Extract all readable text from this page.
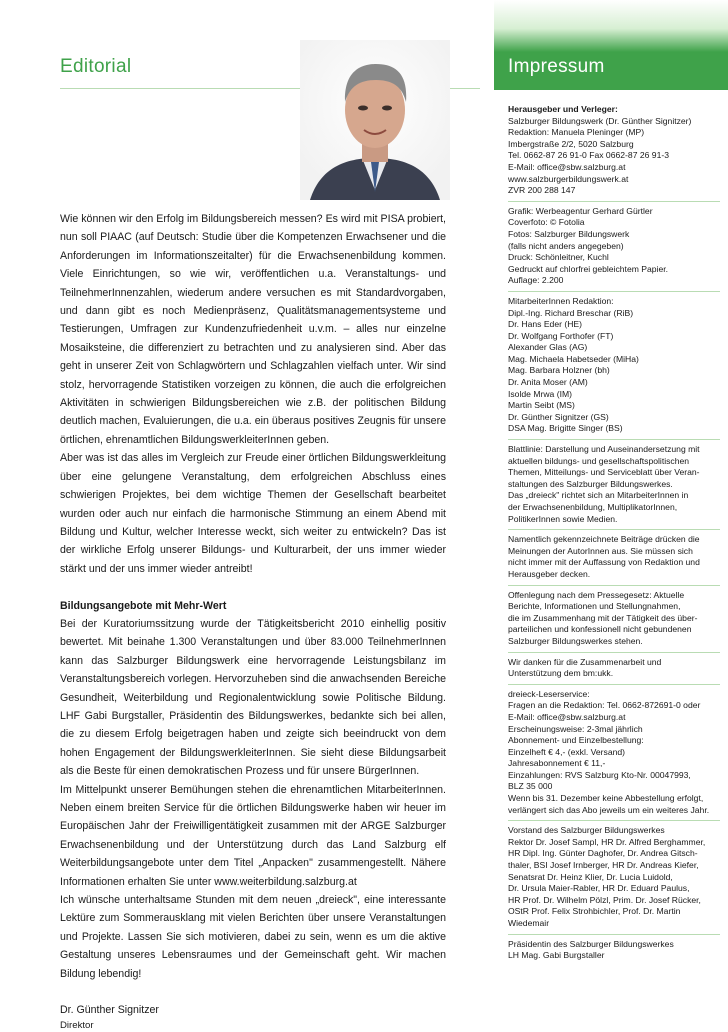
Impressum
Editorial

Wie können wir den Erfolg im Bildungsbereich messen? Es wird mit PISA probiert, nun soll PIAAC (auf Deutsch: Studie über die Kompetenzen Erwachsener und die Anforderungen im Informationszeitalter) für die Erwachsenenbildung kommen. Viele Einrichtungen, so wie wir, veröffentlichen u.a. Veranstaltungs- und TeilnehmerInnenzahlen, wiederum andere versuchen es mit Standardvorgaben, und dann gibt es noch Medienpräsenz, Qualitätsmanagementsysteme und Testierungen, Umfragen zur Kundenzufriedenheit u.v.m. – alles nur einzelne Mosaiksteine, die differenziert zu betrachten und zu analysieren sind. Aber das geht in unserer Zeit von Schlagwörtern und Schlagzahlen vielfach unter. Wir sind stolz, hervorragende Statistiken vorzeigen zu können, die auch die erfolgreichen Aktivitäten in schwierigen Bildungsbereichen wie z.B. der politischen Bildung deutlich machen, Evaluierungen, die u.a. ein überaus positives Zeugnis für unsere örtlichen, ehrenamtlichen BildungswerkleiterInnen geben.

Aber was ist das alles im Vergleich zur Freude einer örtlichen Bildungswerkleitung über eine gelungene Veranstaltung, dem erfolgreichen Abschluss eines schwierigen Projektes, bei dem wichtige Themen der Gesellschaft bearbeitet wurden oder auch nur einfach die harmonische Stimmung an einem Abend mit Bildung und Kultur, welcher Interesse weckt, sich weiter zu entwickeln? Das ist der wirkliche Erfolg unserer Bildungs- und Kulturarbeit, der uns immer wieder stärkt und der uns immer wieder antreibt!

Bildungsangebote mit Mehr-Wert

Bei der Kuratoriumssitzung wurde der Tätigkeitsbericht 2010 einhellig positiv bewertet. Mit beinahe 1.300 Veranstaltungen und über 83.000 TeilnehmerInnen kann das Salzburger Bildungswerk eine hervorragende Leistungsbilanz im Veranstaltungsbereich vorlegen. Hervorzuheben sind die anwachsenden Bereiche Gesundheit, Weiterbildung und Regionalentwicklung sowie Politische Bildung. LHF Gabi Burgstaller, Präsidentin des Bildungswerkes, bedankte sich bei allen, die zu diesem Erfolg beigetragen haben und zeigte sich beeindruckt von dem hohen Engagement der BildungswerkleiterInnen. Sie sieht diese Bildungsarbeit als die Beste für einen demokratischen Prozess und für unsere BürgerInnen.

Im Mittelpunkt unserer Bemühungen stehen die ehrenamtlichen MitarbeiterInnen. Neben einem breiten Service für die örtlichen Bildungswerke haben wir heuer im Europäischen Jahr der Freiwilligentätigkeit zusammen mit der ARGE Salzburger Erwachsenenbildung und der Unterstützung durch das Land Salzburg elf Weiterbildungsangebote unter dem Titel „Anpacken" zusammengestellt. Nähere Informationen erhalten Sie unter www.weiterbildung.salzburg.at

Ich wünsche unterhaltsame Stunden mit dem neuen „dreieck", eine interessante Lektüre zum Sommerausklang mit vielen Berichten über unsere Veranstaltungen und Projekte. Lassen Sie sich motivieren, dabei zu sein, wenn es um die aktive Gestaltung unseres Lebensraumes und der Gemeinschaft geht. Wir machen Bildung lebendig!

Dr. Günther Signitzer

Direktor

Herausgeber und Verleger:
Salzburger Bildungswerk (Dr. Günther Signitzer)
Redaktion: Manuela Pleninger (MP)
Imbergstraße 2/2, 5020 Salzburg
Tel. 0662-87 26 91-0 Fax 0662-87 26 91-3
E-Mail: office@sbw.salzburg.at
www.salzburgerbildungswerk.at
ZVR 200 288 147
Grafik: Werbeagentur Gerhard Gürtler
Coverfoto: © Fotolia
Fotos: Salzburger Bildungswerk
(falls nicht anders angegeben)
Druck: Schönleitner, Kuchl
Gedruckt auf chlorfrei gebleichtem Papier.
Auflage: 2.200
MitarbeiterInnen Redaktion:
Dipl.-Ing. Richard Breschar (RiB)
Dr. Hans Eder (HE)
Dr. Wolfgang Forthofer (FT)
Alexander Glas (AG)
Mag. Michaela Habetseder (MiHa)
Mag. Barbara Holzner (bh)
Dr. Anita Moser (AM)
Isolde Mrwa (IM)
Martin Seibt (MS)
Dr. Günther Signitzer (GS)
DSA Mag. Brigitte Singer (BS)
Blattlinie: Darstellung und Auseinandersetzung mit
aktuellen bildungs- und gesellschaftspolitischen
Themen, Mitteilungs- und Serviceblatt über Veran-
staltungen des Salzburger Bildungswerkes.
Das „dreieck" richtet sich an MitarbeiterInnen in
der Erwachsenenbildung, MultiplikatorInnen,
PolitikerInnen sowie Medien.
Namentlich gekennzeichnete Beiträge drücken die
Meinungen der AutorInnen aus. Sie müssen sich
nicht immer mit der Auffassung von Redaktion und
Herausgeber decken.
Offenlegung nach dem Pressegesetz: Aktuelle
Berichte, Informationen und Stellungnahmen,
die im Zusammenhang mit der Tätigkeit des über-
parteilichen und konfessionell nicht gebundenen
Salzburger Bildungswerkes stehen.
Wir danken für die Zusammenarbeit und
Unterstützung dem bm:ukk.
dreieck-Leserservice:
Fragen an die Redaktion: Tel. 0662-872691-0 oder
E-Mail: office@sbw.salzburg.at
Erscheinungsweise: 2-3mal jährlich
Abonnement- und Einzelbestellung:
Einzelheft € 4,- (exkl. Versand)
Jahresabonnement € 11,-
Einzahlungen: RVS Salzburg Kto-Nr. 00047993,
BLZ 35 000
Wenn bis 31. Dezember keine Abbestellung erfolgt,
verlängert sich das Abo jeweils um ein weiteres Jahr.
Vorstand des Salzburger Bildungswerkes
Rektor Dr. Josef Sampl, HR Dr. Alfred Berghammer,
HR Dipl. Ing. Günter Daghofer, Dr. Andrea Gitsch-
thaler, BSI Josef Irnberger, HR Dr. Andreas Kiefer,
Senatsrat Dr. Heinz Klier, Dr. Lucia Luidold,
Dr. Ursula Maier-Rabler, HR Dr. Eduard Paulus,
HR Prof. Dr. Wilhelm Pölzl, Prim. Dr. Josef Rücker,
OStR Prof. Felix Strohbichler, Prof. Dr. Martin
Wiedemair
Präsidentin des Salzburger Bildungswerkes
LH Mag. Gabi Burgstaller
